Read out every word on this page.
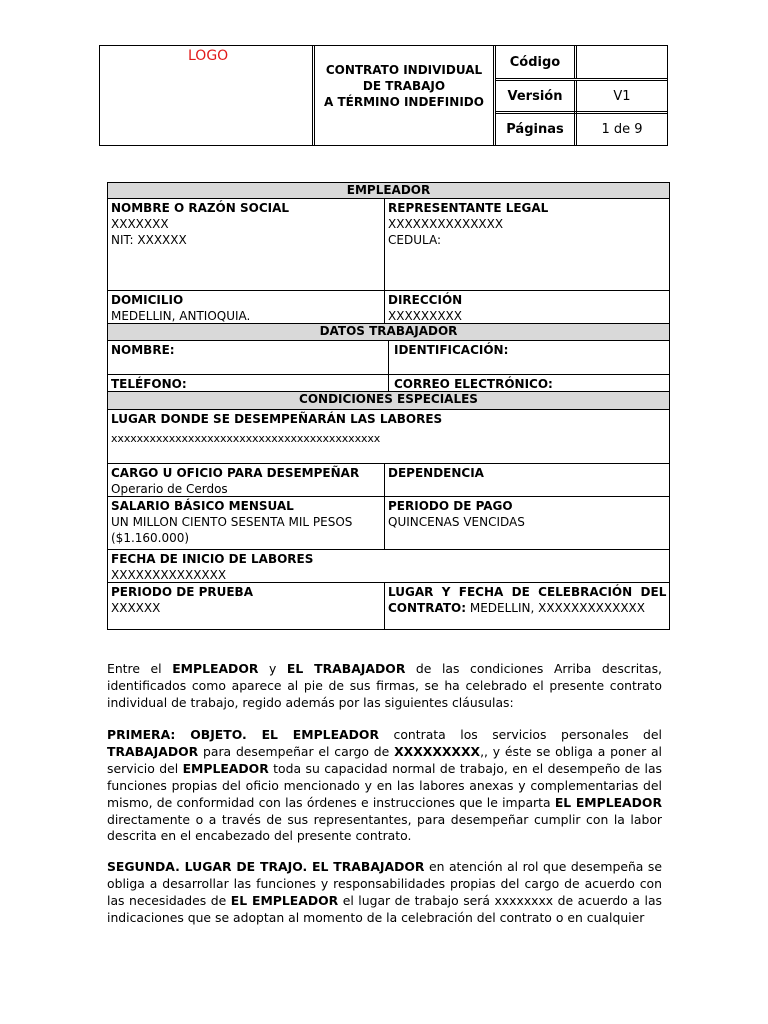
LOGO
CONTRATO INDIVIDUAL
DE TRABAJO
A TÉRMINO INDEFINIDO
Código
Versión	V1
Páginas	1 de 9
EMPLEADOR
NOMBRE O RAZÓN SOCIAL
XXXXXXX
NIT: XXXXXX
REPRESENTANTE LEGAL
XXXXXXXXXXXXXX
CEDULA:
DOMICILIO
MEDELLIN, ANTIOQUIA.
DIRECCIÓN
XXXXXXXXX
DATOS TRABAJADOR
NOMBRE:	IDENTIFICACIÓN:
TELÉFONO:	CORREO ELECTRÓNICO:
CONDICIONES ESPECIALES
LUGAR DONDE SE DESEMPEÑARÁN LAS LABORES
xxxxxxxxxxxxxxxxxxxxxxxxxxxxxxxxxxxxxxxxxx
CARGO U OFICIO PARA DESEMPEÑAR
Operario de Cerdos
DEPENDENCIA
SALARIO BÁSICO MENSUAL
UN MILLON CIENTO SESENTA MIL PESOS
($1.160.000)
PERIODO DE PAGO
QUINCENAS VENCIDAS
FECHA DE INICIO DE LABORES
XXXXXXXXXXXXXX
PERIODO DE PRUEBA
XXXXXX
LUGAR  Y  FECHA  DE  CELEBRACIÓN  DEL
CONTRATO: MEDELLIN, XXXXXXXXXXXXX
Entre el EMPLEADOR y EL TRABAJADOR de las condiciones Arriba descritas, identificados como aparece al pie de sus firmas, se ha celebrado el presente contrato individual de trabajo, regido además por las siguientes cláusulas:
PRIMERA: OBJETO. EL EMPLEADOR contrata los servicios personales del TRABAJADOR para desempeñar el cargo de XXXXXXXXX,, y éste se obliga a poner al servicio del EMPLEADOR toda su capacidad normal de trabajo, en el desempeño de las funciones propias del oficio mencionado y en las labores anexas y complementarias del mismo, de conformidad con las órdenes e instrucciones que le imparta EL EMPLEADOR directamente o a través de sus representantes, para desempeñar cumplir con la labor descrita en el encabezado del presente contrato.
SEGUNDA. LUGAR DE TRAJO. EL TRABAJADOR en atención al rol que desempeña se obliga a desarrollar las funciones y responsabilidades propias del cargo de acuerdo con las necesidades de EL EMPLEADOR el lugar de trabajo será xxxxxxxx de acuerdo a las indicaciones que se adoptan al momento de la celebración del contrato o en cualquier
